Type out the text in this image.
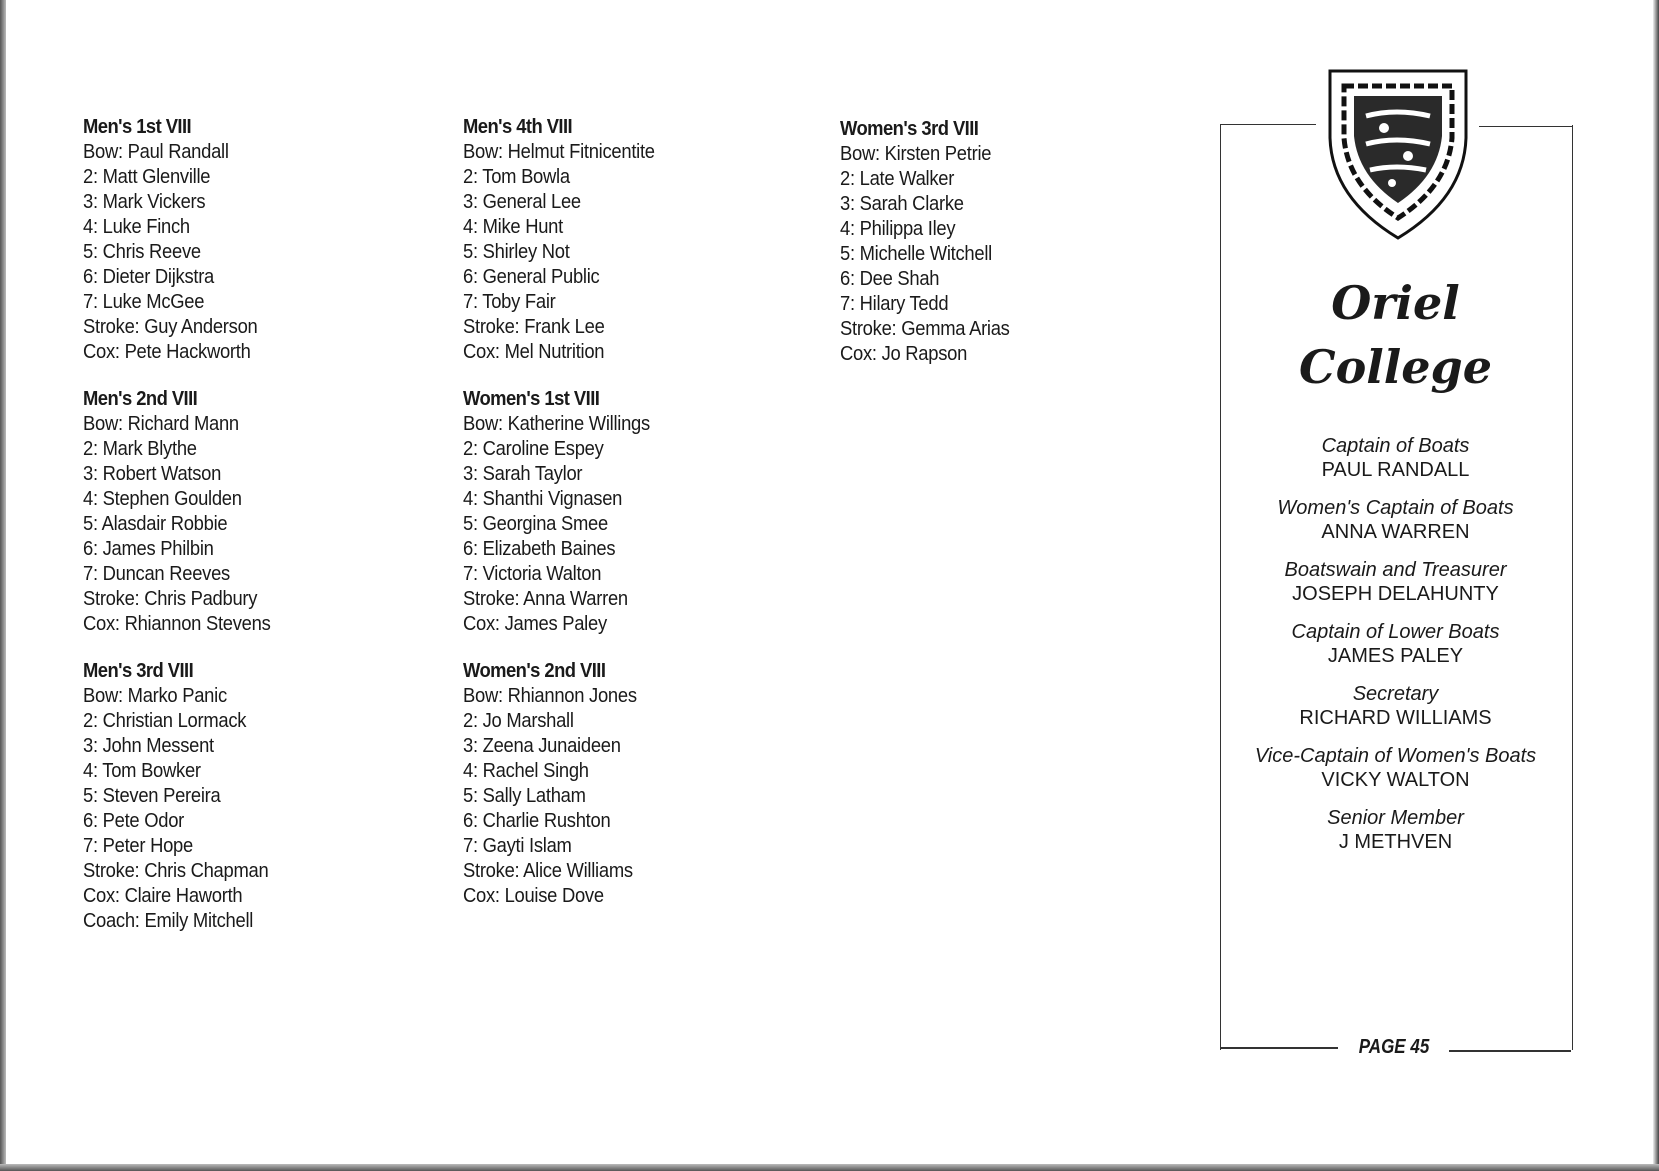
Men's 1st VIII
Bow: Paul Randall
2: Matt Glenville
3: Mark Vickers
4: Luke Finch
5: Chris Reeve
6: Dieter Dijkstra
7: Luke McGee
Stroke: Guy Anderson
Cox: Pete Hackworth
Men's 2nd VIII
Bow: Richard Mann
2: Mark Blythe
3: Robert Watson
4: Stephen Goulden
5: Alasdair Robbie
6: James Philbin
7: Duncan Reeves
Stroke: Chris Padbury
Cox: Rhiannon Stevens
Men's 3rd VIII
Bow: Marko Panic
2: Christian Lormack
3: John Messent
4: Tom Bowker
5: Steven Pereira
6: Pete Odor
7: Peter Hope
Stroke: Chris Chapman
Cox: Claire Haworth
Coach: Emily Mitchell
Men's 4th VIII
Bow: Helmut Fitnicentite
2: Tom Bowla
3: General Lee
4: Mike Hunt
5: Shirley Not
6: General Public
7: Toby Fair
Stroke: Frank Lee
Cox: Mel Nutrition
Women's 1st VIII
Bow: Katherine Willings
2: Caroline Espey
3: Sarah Taylor
4: Shanthi Vignasen
5: Georgina Smee
6: Elizabeth Baines
7: Victoria Walton
Stroke: Anna Warren
Cox: James Paley
Women's 2nd VIII
Bow: Rhiannon Jones
2: Jo Marshall
3: Zeena Junaideen
4: Rachel Singh
5: Sally Latham
6: Charlie Rushton
7: Gayti Islam
Stroke: Alice Williams
Cox: Louise Dove
Women's 3rd VIII
Bow: Kirsten Petrie
2: Late Walker
3: Sarah Clarke
4: Philippa Iley
5: Michelle Witchell
6: Dee Shah
7: Hilary Tedd
Stroke: Gemma Arias
Cox: Jo Rapson
Oriel
College
Captain of Boats
PAUL RANDALL
Women's Captain of Boats
ANNA WARREN
Boatswain and Treasurer
JOSEPH DELAHUNTY
Captain of Lower Boats
JAMES PALEY
Secretary
RICHARD WILLIAMS
Vice-Captain of Women's Boats
VICKY WALTON
Senior Member
J METHVEN
PAGE 45
